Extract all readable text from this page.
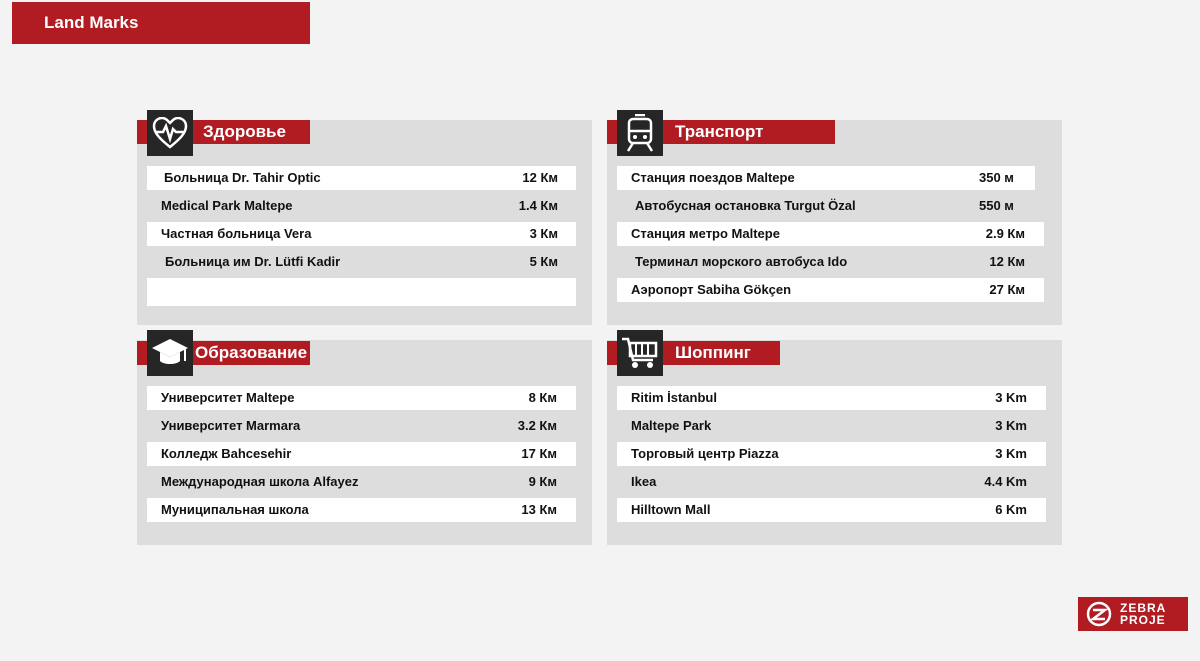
Land Marks
Здоровье
Больница Dr. Tahir Optic	12 Км
Medical Park Maltepe	1.4 Км
Частная больница Vera	3 Км
Больница им Dr. Lütfi Kadir	5 Км
Транспорт
Станция поездов Maltepe	350 м
Автобусная остановка Turgut Özal	550 м
Станция метро Maltepe	2.9 Км
Терминал морского автобуса Ido	12 Км
Аэропорт Sabiha Gökçen	27 Км
Образование
Университет Maltepe	8 Км
Университет Marmara	3.2 Км
Колледж Bahcesehir	17 Км
Международная школа Alfayez	9 Км
Муниципальная школа	13 Км
Шоппинг
Ritim İstanbul	3 Km
Maltepe Park	3 Km
Торговый центр Piazza	3 Km
Ikea	4.4 Km
Hilltown Mall	6 Km
ZEBRA
PROJE
